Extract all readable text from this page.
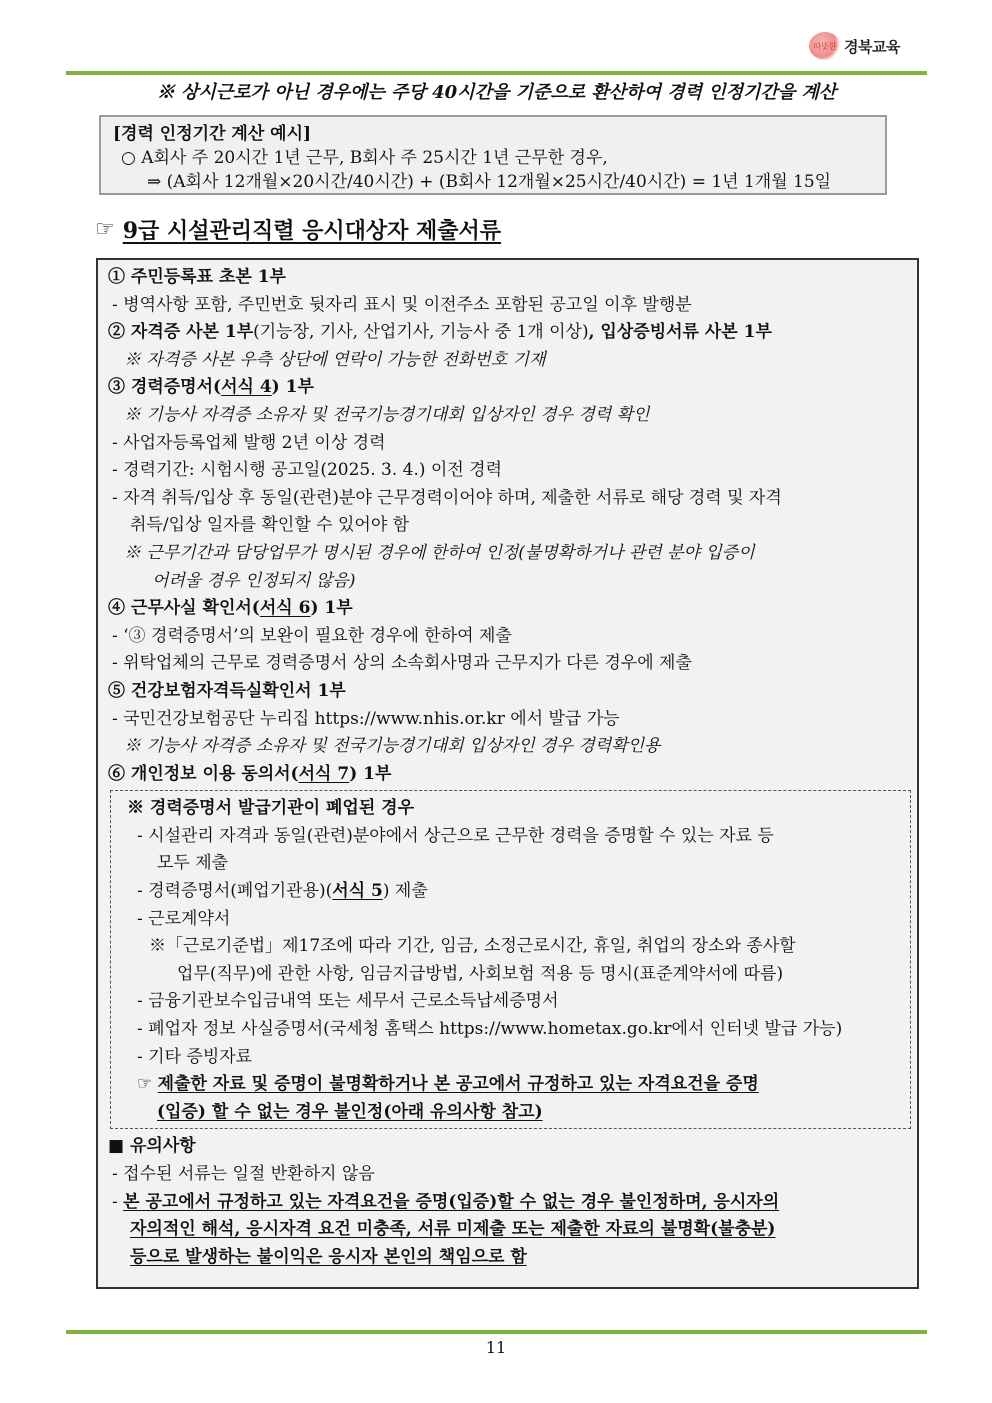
따뜻한 경북교육
※ 상시근로가 아닌 경우에는 주당 40시간을 기준으로 환산하여 경력 인정기간을 계산
[경력 인정기간 계산 예시]
○ A회사 주 20시간 1년 근무, B회사 주 25시간 1년 근무한 경우,
⇒ (A회사 12개월×20시간/40시간) + (B회사 12개월×25시간/40시간) = 1년 1개월 15일
☞ 9급 시설관리직렬 응시대상자 제출서류
① 주민등록표 초본 1부
- 병역사항 포함, 주민번호 뒷자리 표시 및 이전주소 포함된 공고일 이후 발행분
② 자격증 사본 1부(기능장, 기사, 산업기사, 기능사 중 1개 이상), 입상증빙서류 사본 1부
※ 자격증 사본 우측 상단에 연락이 가능한 전화번호 기재
③ 경력증명서(서식 4) 1부
※ 기능사 자격증 소유자 및 전국기능경기대회 입상자인 경우 경력 확인
- 사업자등록업체 발행 2년 이상 경력
- 경력기간: 시험시행 공고일(2025. 3. 4.) 이전 경력
- 자격 취득/입상 후 동일(관련)분야 근무경력이어야 하며, 제출한 서류로 해당 경력 및 자격
취득/입상 일자를 확인할 수 있어야 함
※ 근무기간과 담당업무가 명시된 경우에 한하여 인정(불명확하거나 관련 분야 입증이
어려울 경우 인정되지 않음)
④ 근무사실 확인서(서식 6) 1부
- ‘③ 경력증명서’의 보완이 필요한 경우에 한하여 제출
- 위탁업체의 근무로 경력증명서 상의 소속회사명과 근무지가 다른 경우에 제출
⑤ 건강보험자격득실확인서 1부
- 국민건강보험공단 누리집 https://www.nhis.or.kr 에서 발급 가능
※ 기능사 자격증 소유자 및 전국기능경기대회 입상자인 경우 경력확인용
⑥ 개인정보 이용 동의서(서식 7) 1부
※ 경력증명서 발급기관이 폐업된 경우
- 시설관리 자격과 동일(관련)분야에서 상근으로 근무한 경력을 증명할 수 있는 자료 등
모두 제출
- 경력증명서(폐업기관용)(서식 5) 제출
- 근로계약서
※「근로기준법」제17조에 따라 기간, 임금, 소정근로시간, 휴일, 취업의 장소와 종사할
업무(직무)에 관한 사항, 임금지급방법, 사회보험 적용 등 명시(표준계약서에 따름)
- 금융기관보수입금내역 또는 세무서 근로소득납세증명서
- 폐업자 정보 사실증명서(국세청 홈택스 https://www.hometax.go.kr에서 인터넷 발급 가능)
- 기타 증빙자료
☞ 제출한 자료 및 증명이 불명확하거나 본 공고에서 규정하고 있는 자격요건을 증명
(입증) 할 수 없는 경우 불인정(아래 유의사항 참고)
■ 유의사항
- 접수된 서류는 일절 반환하지 않음
- 본 공고에서 규정하고 있는 자격요건을 증명(입증)할 수 없는 경우 불인정하며, 응시자의
자의적인 해석, 응시자격 요건 미충족, 서류 미제출 또는 제출한 자료의 불명확(불충분)
등으로 발생하는 불이익은 응시자 본인의 책임으로 함
11
